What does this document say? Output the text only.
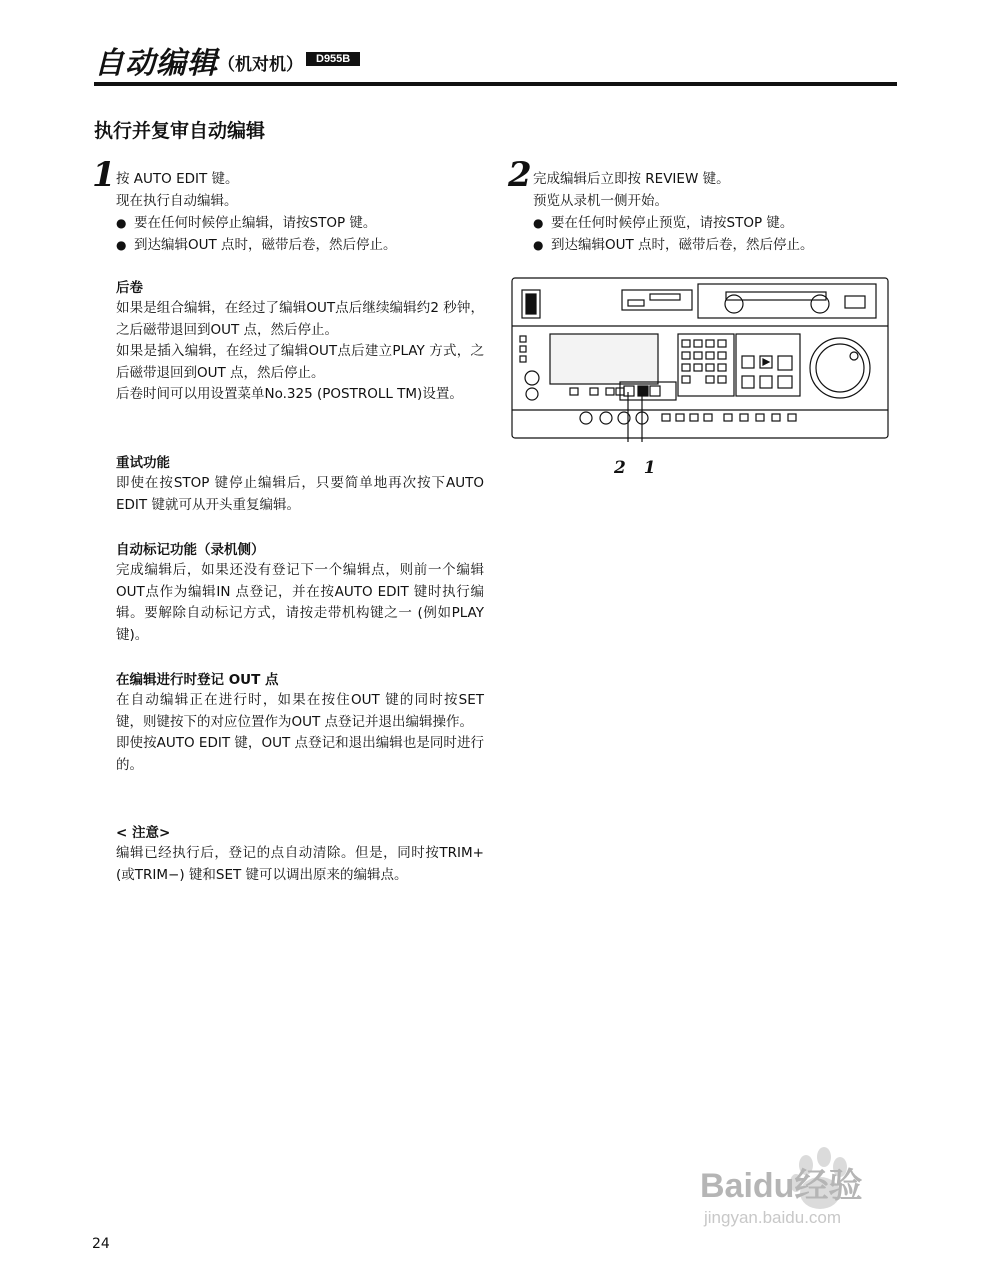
自动编辑 （机对机）	D955B
执行并复审自动编辑
1 按 AUTO EDIT 键。
现在执行自动编辑。
● 要在任何时候停止编辑，请按STOP 键。
● 到达编辑OUT 点时，磁带后卷，然后停止。
2 完成编辑后立即按 REVIEW 键。
预览从录机一侧开始。
● 要在任何时候停止预览，请按STOP 键。
● 到达编辑OUT 点时，磁带后卷，然后停止。
后卷

如果是组合编辑，在经过了编辑OUT点后继续编辑约2 秒钟，之后磁带退回到OUT 点，然后停止。

如果是插入编辑，在经过了编辑OUT点后建立PLAY 方式，之后磁带退回到OUT 点，然后停止。

后卷时间可以用设置菜单No.325 (POSTROLL TM)设置。

重试功能

即使在按STOP 键停止编辑后，只要简单地再次按下AUTO EDIT 键就可从开头重复编辑。

自动标记功能（录机侧）

完成编辑后，如果还没有登记下一个编辑点，则前一个编辑OUT点作为编辑IN 点登记，并在按AUTO EDIT 键时执行编辑。要解除自动标记方式，请按走带机构键之一 (例如PLAY 键)。

在编辑进行时登记 OUT 点

在自动编辑正在进行时，如果在按住OUT 键的同时按SET 键，则键按下的对应位置作为OUT 点登记并退出编辑操作。

即使按AUTO EDIT 键，OUT 点登记和退出编辑也是同时进行的。

< 注意>

编辑已经执行后，登记的点自动清除。但是，同时按TRIM+ (或TRIM−) 键和SET 键可以调出原来的编辑点。

2 1
Baidu经验
jingyan.baidu.com
24
